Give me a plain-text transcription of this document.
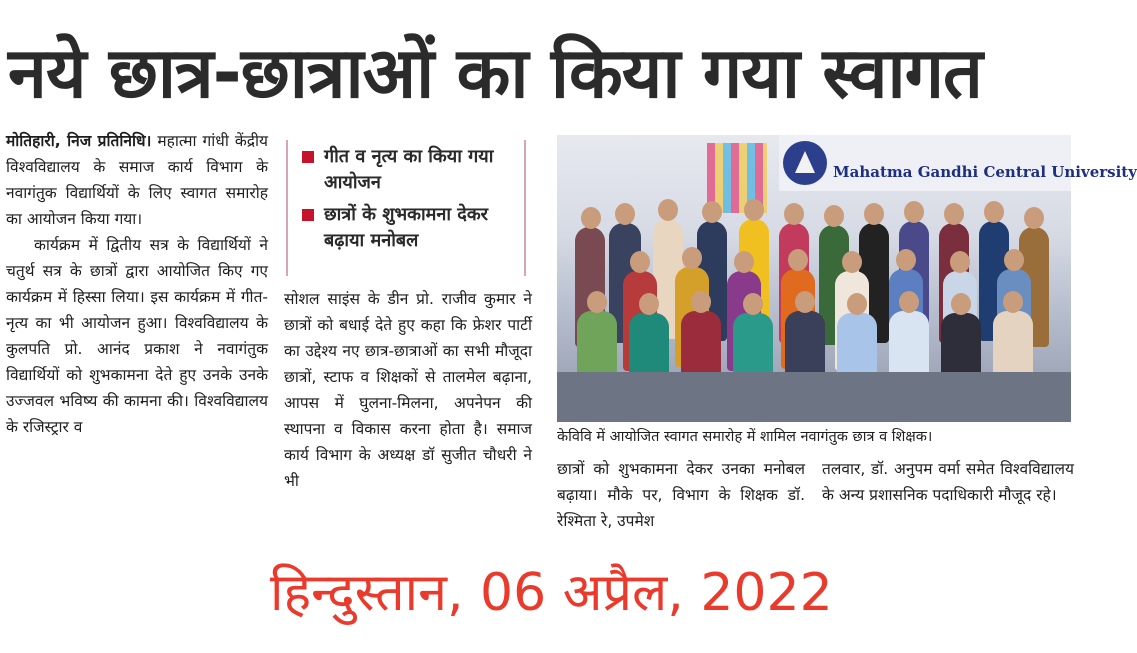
नये छात्र-छात्राओं का किया गया स्वागत

मोतिहारी, निज प्रतिनिधि। महात्मा गांधी केंद्रीय विश्वविद्यालय के समाज कार्य विभाग के नवागंतुक विद्यार्थियों के लिए स्वागत समारोह का आयोजन किया गया।

कार्यक्रम में द्वितीय सत्र के विद्यार्थियों ने चतुर्थ सत्र के छात्रों द्वारा आयोजित किए गए कार्यक्रम में हिस्सा लिया। इस कार्यक्रम में गीत-नृत्य का भी आयोजन हुआ। विश्वविद्यालय के कुलपति प्रो. आनंद प्रकाश ने नवागंतुक विद्यार्थियों को शुभकामना देते हुए उनके उनके उज्जवल भविष्य की कामना की। विश्वविद्यालय के रजिस्ट्रार व

गीत व नृत्य का किया गया आयोजन
छात्रों के शुभकामना देकर बढ़ाया मनोबल

सोशल साइंस के डीन प्रो. राजीव कुमार ने छात्रों को बधाई देते हुए कहा कि फ्रेशर पार्टी का उद्देश्य नए छात्र-छात्राओं का सभी मौजूदा छात्रों, स्टाफ व शिक्षकों से तालमेल बढ़ाना, आपस में घुलना-मिलना, अपनेपन की स्थापना व विकास करना होता है। समाज कार्य विभाग के अध्यक्ष डॉ सुजीत चौधरी ने भी

Mahatma Gandhi Central University
केविवि में आयोजित स्वागत समारोह में शामिल नवागंतुक छात्र व शिक्षक।

छात्रों को शुभकामना देकर उनका मनोबल बढ़ाया। मौके पर, विभाग के शिक्षक डॉ. रेश्मिता रे, उपमेश

तलवार, डॉ. अनुपम वर्मा समेत विश्वविद्यालय के अन्य प्रशासनिक पदाधिकारी मौजूद रहे।

हिन्दुस्तान, 06 अप्रैल, 2022
